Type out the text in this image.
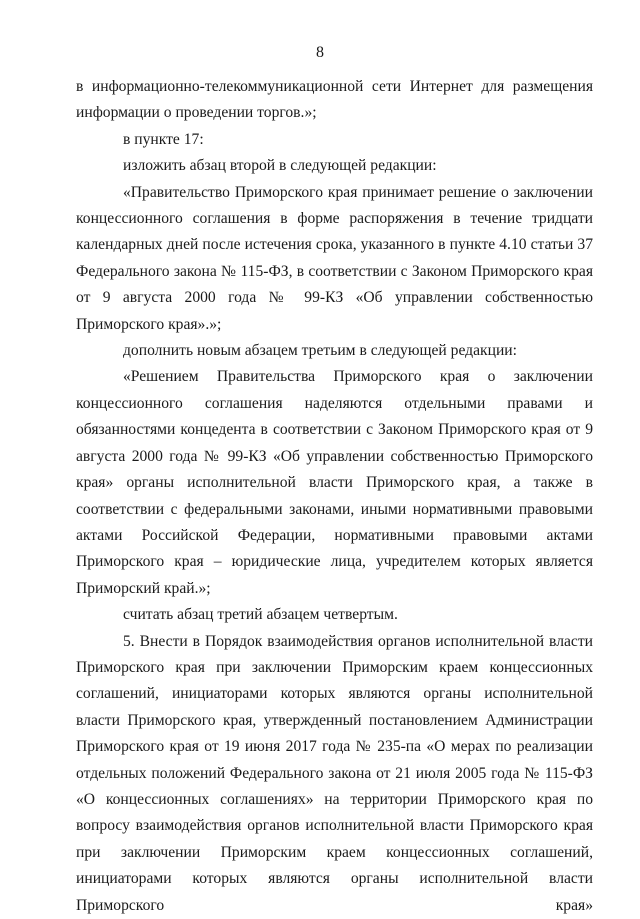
8

в информационно-телекоммуникационной сети Интернет для размещения информации о проведении торгов.»;

в пункте 17:

изложить абзац второй в следующей редакции:

«Правительство Приморского края принимает решение о заключении концессионного соглашения в форме распоряжения в течение тридцати календарных дней после истечения срока, указанного в пункте 4.10 статьи 37 Федерального закона № 115-ФЗ, в соответствии с Законом Приморского края от 9 августа 2000 года № 99-КЗ «Об управлении собственностью Приморского края».»;

дополнить новым абзацем третьим в следующей редакции:

«Решением Правительства Приморского края о заключении концессионного соглашения наделяются отдельными правами и обязанностями концедента в соответствии с Законом Приморского края от 9 августа 2000 года № 99-КЗ «Об управлении собственностью Приморского края» органы исполнительной власти Приморского края, а также в соответствии с федеральными законами, иными нормативными правовыми актами Российской Федерации, нормативными правовыми актами Приморского края – юридические лица, учредителем которых является Приморский край.»;

считать абзац третий абзацем четвертым.

5. Внести в Порядок взаимодействия органов исполнительной власти Приморского края при заключении Приморским краем концессионных соглашений, инициаторами которых являются органы исполнительной власти Приморского края, утвержденный постановлением Администрации Приморского края от 19 июня 2017 года № 235-па «О мерах по реализации отдельных положений Федерального закона от 21 июля 2005 года № 115-ФЗ «О концессионных соглашениях» на территории Приморского края по вопросу взаимодействия органов исполнительной власти Приморского края при заключении Приморским краем концессионных соглашений, инициаторами которых являются органы исполнительной власти Приморского края»
